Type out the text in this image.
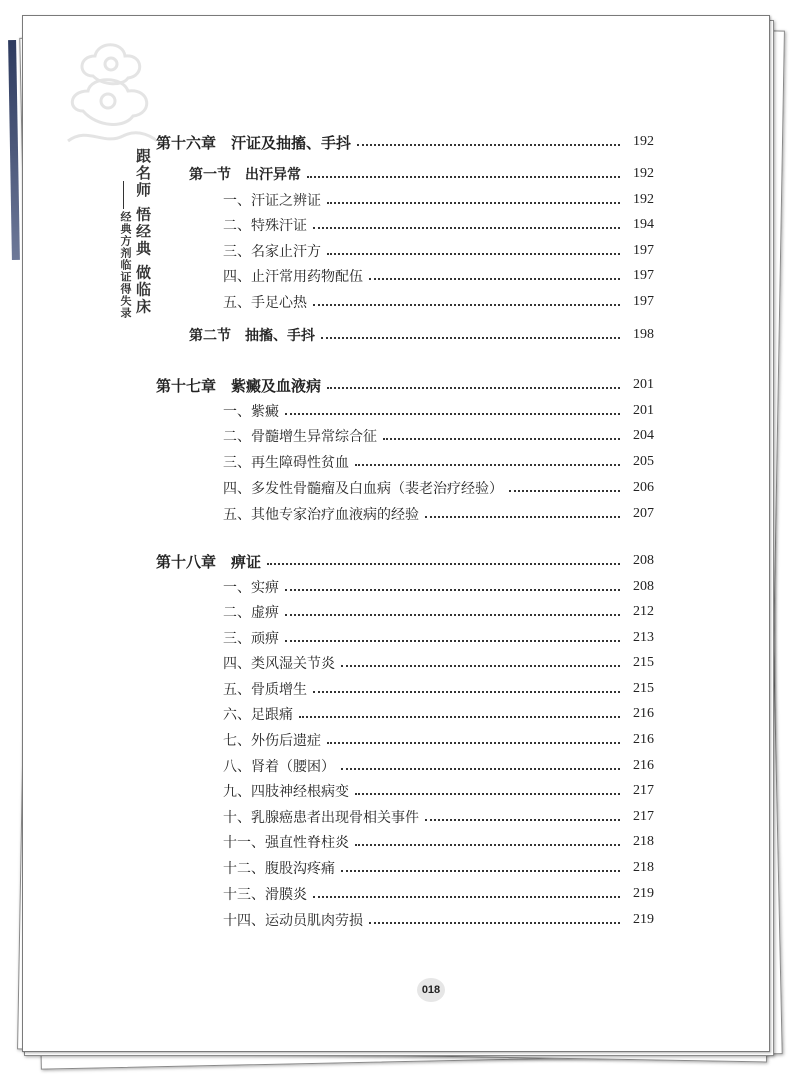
跟名师 悟经典 做临床
经典方剂临证得失录
第十六章　汗证及抽搐、手抖	192
第一节　出汗异常	192
一、汗证之辨证	192
二、特殊汗证	194
三、名家止汗方	197
四、止汗常用药物配伍	197
五、手足心热	197
第二节　抽搐、手抖	198
第十七章　紫癜及血液病	201
一、紫癜	201
二、骨髓增生异常综合征	204
三、再生障碍性贫血	205
四、多发性骨髓瘤及白血病（裴老治疗经验）	206
五、其他专家治疗血液病的经验	207
第十八章　痹证	208
一、实痹	208
二、虚痹	212
三、顽痹	213
四、类风湿关节炎	215
五、骨质增生	215
六、足跟痛	216
七、外伤后遗症	216
八、肾着（腰困）	216
九、四肢神经根病变	217
十、乳腺癌患者出现骨相关事件	217
十一、强直性脊柱炎	218
十二、腹股沟疼痛	218
十三、滑膜炎	219
十四、运动员肌肉劳损	219
018
